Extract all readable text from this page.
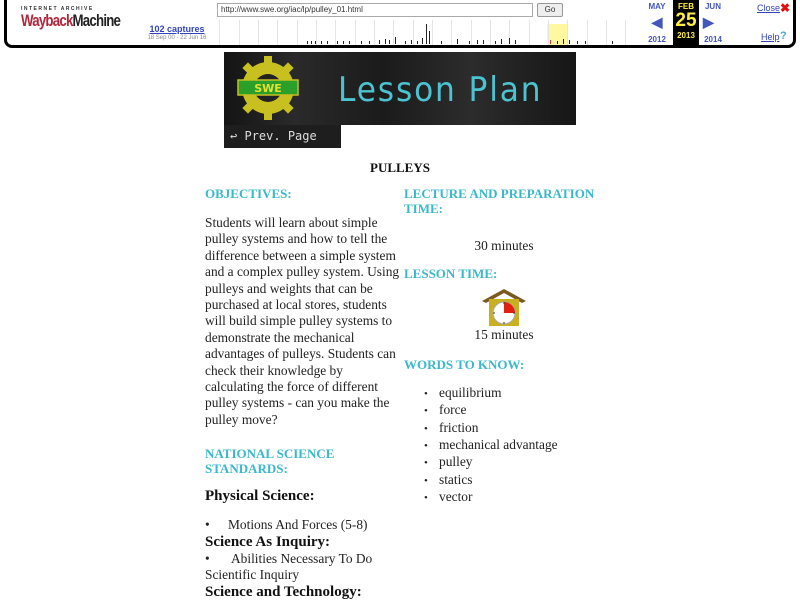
INTERNET ARCHIVE
WaybackMachine	102 captures
18 Sep 00 - 22 Jun 16
http://www.swe.org/iac/lp/pulley_01.html	Go	MAY
◀
2012
FEB
25
2013
JUN
▶
2014
Close ✖
Help ?
SWE Lesson Plan
↩ Prev. Page
PULLEYS
OBJECTIVES:
Students will learn about simple pulley systems and how to tell the difference between a simple system and a complex pulley system. Using pulleys and weights that can be purchased at local stores, students will build simple pulley systems to demonstrate the mechanical advantages of pulleys. Students can check their knowledge by calculating the force of different pulley systems - can you make the pulley move?
NATIONAL SCIENCE STANDARDS:
Physical Science:
• Motions And Forces (5-8)
Science As Inquiry:
• Abilities Necessary To Do Scientific Inquiry
Science and Technology:
LECTURE AND PREPARATION TIME:
30 minutes
LESSON TIME:
15 minutes
WORDS TO KNOW:
• equilibrium
• force
• friction
• mechanical advantage
• pulley
• statics
• vector
